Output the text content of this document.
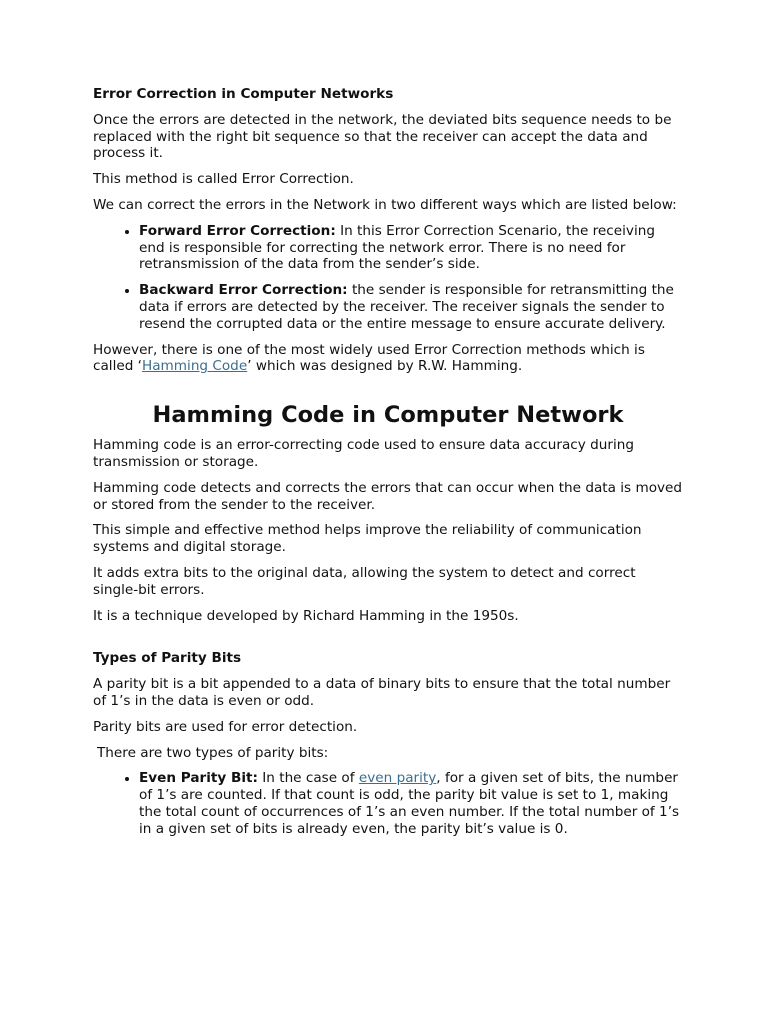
Error Correction in Computer Networks

Once the errors are detected in the network, the deviated bits sequence needs to be replaced with the right bit sequence so that the receiver can accept the data and process it.

This method is called Error Correction.

We can correct the errors in the Network in two different ways which are listed below:

• Forward Error Correction: In this Error Correction Scenario, the receiving end is responsible for correcting the network error. There is no need for retransmission of the data from the sender’s side.
• Backward Error Correction: the sender is responsible for retransmitting the data if errors are detected by the receiver. The receiver signals the sender to resend the corrupted data or the entire message to ensure accurate delivery.

However, there is one of the most widely used Error Correction methods which is called ‘Hamming Code’ which was designed by R.W. Hamming.

Hamming Code in Computer Network

Hamming code is an error-correcting code used to ensure data accuracy during transmission or storage.

Hamming code detects and corrects the errors that can occur when the data is moved or stored from the sender to the receiver.

This simple and effective method helps improve the reliability of communication systems and digital storage.

It adds extra bits to the original data, allowing the system to detect and correct single-bit errors.

It is a technique developed by Richard Hamming in the 1950s.

Types of Parity Bits

A parity bit is a bit appended to a data of binary bits to ensure that the total number of 1’s in the data is even or odd.

Parity bits are used for error detection.

There are two types of parity bits:

• Even Parity Bit: In the case of even parity, for a given set of bits, the number of 1’s are counted. If that count is odd, the parity bit value is set to 1, making the total count of occurrences of 1’s an even number. If the total number of 1’s in a given set of bits is already even, the parity bit’s value is 0.
